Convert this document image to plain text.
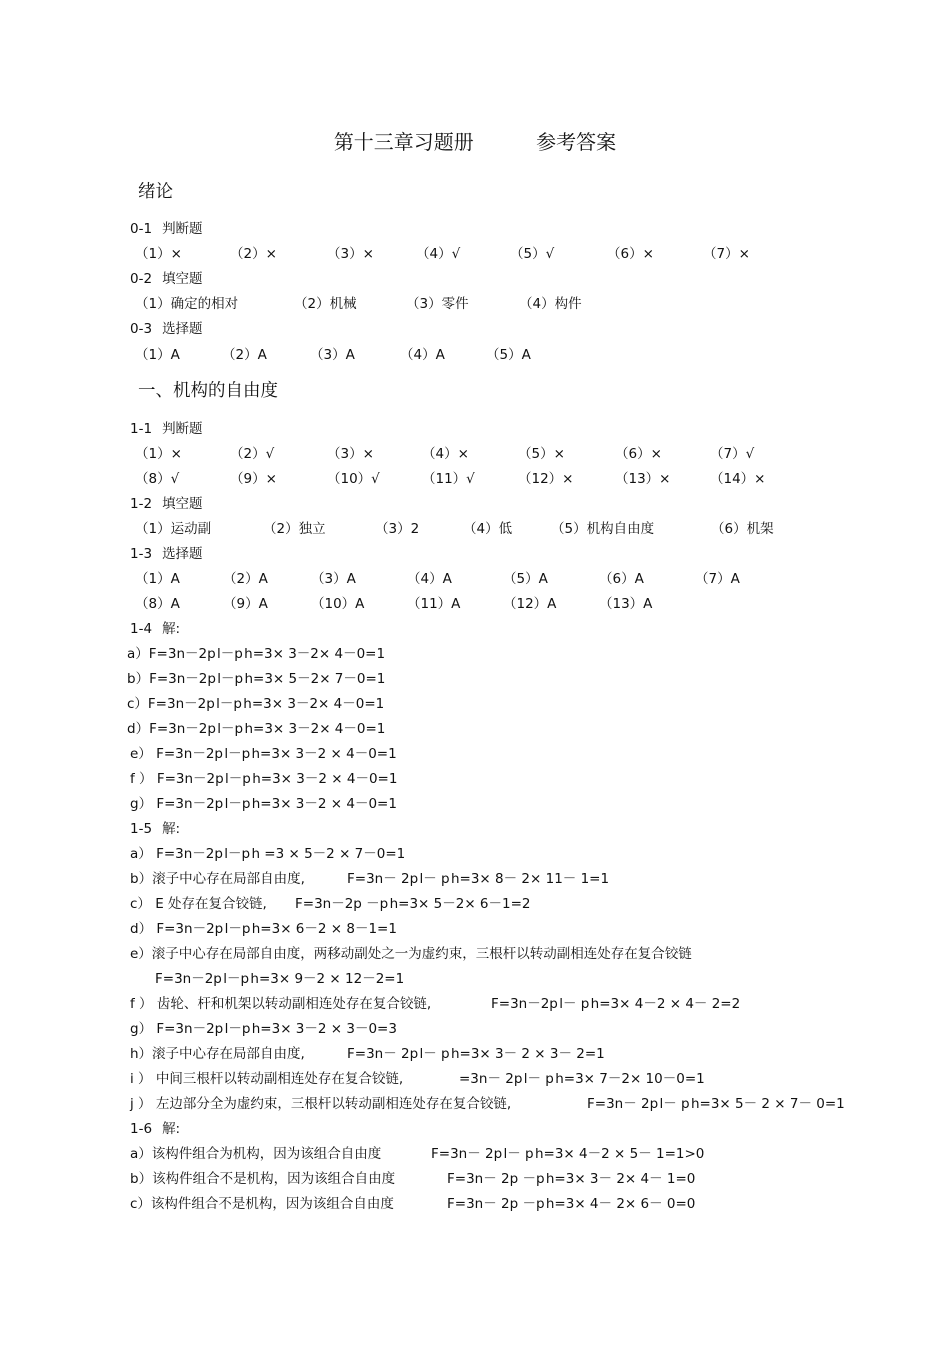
第十三章习题册	参考答案
绪论
0-1 判断题
（1）×	（2）×	（3）×	（4）√	（5）√	（6）×	（7）×
0-2 填空题
（1）确定的相对	（2）机械	（3）零件	（4）构件
0-3 选择题
（1）A	（2）A	（3）A	（4）A	（5）A
一、机构的自由度
1-1 判断题
（1）×	（2）√	（3）×	（4）×	（5）×	（6）×	（7）√
（8）√	（9）×	（10）√	（11）√	（12）×	（13）×	（14）×
1-2 填空题
（1）运动副	（2）独立	（3）2	（4）低	（5）机构自由度	（6）机架
1-3 选择题
（1）A	（2）A	（3）A	（4）A	（5）A	（6）A	（7）A
（8）A	（9）A	（10）A	（11）A	（12）A	（13）A
1-4 解:
a）F=3n－2p l－p h=3× 3－2× 4－0=1
b）F=3n－2p l－p h=3× 5－2× 7－0=1
c）F=3n－2p l－p h=3× 3－2× 4－0=1
d）F=3n－2p l－p h=3× 3－2× 4－0=1
e） F=3n－2p l－p h=3× 3－2 × 4－0=1
f ） F=3n－2p l－p h=3× 3－2 × 4－0=1
g） F=3n－2p l－p h=3× 3－2 × 4－0=1
1-5 解:
a） F=3n－2p l－p h =3 × 5－2 × 7－0=1
b）滚子中心存在局部自由度,	F=3n－ 2p l－ p h=3× 8－ 2× 11－ 1=1
c） E 处存在复合铰链, F=3n－2p －p h=3× 5－2× 6－1=2
d） F=3n－2p l－p h=3× 6－2 × 8－1=1
e）滚子中心存在局部自由度，两移动副处之一为虚约束，三根杆以转动副相连处存在复合铰链
F=3n－2p l－p h=3× 9－2 × 12－2=1
f ） 齿轮、杆和机架以转动副相连处存在复合铰链,	F=3n－2p l－ p h=3× 4－2 × 4－ 2=2
g） F=3n－2p l－p h=3× 3－2 × 3－0=3
h）滚子中心存在局部自由度,	F=3n－ 2p l－ p h=3× 3－ 2 × 3－ 2=1
i ） 中间三根杆以转动副相连处存在复合铰链,	=3n－ 2p l－ p h=3× 7－2× 10－0=1
j ） 左边部分全为虚约束，三根杆以转动副相连处存在复合铰链,	F=3n－ 2p l－ p h=3× 5－ 2 × 7－ 0=1
1-6 解:
a）该构件组合为机构，因为该组合自由度	F=3n－ 2p l－ p h=3× 4－2 × 5－ 1=1>0
b）该构件组合不是机构，因为该组合自由度	F=3n－ 2p －p h=3× 3－ 2× 4－ 1=0
c）该构件组合不是机构，因为该组合自由度	F=3n－ 2p －p h=3× 4－ 2× 6－ 0=0
